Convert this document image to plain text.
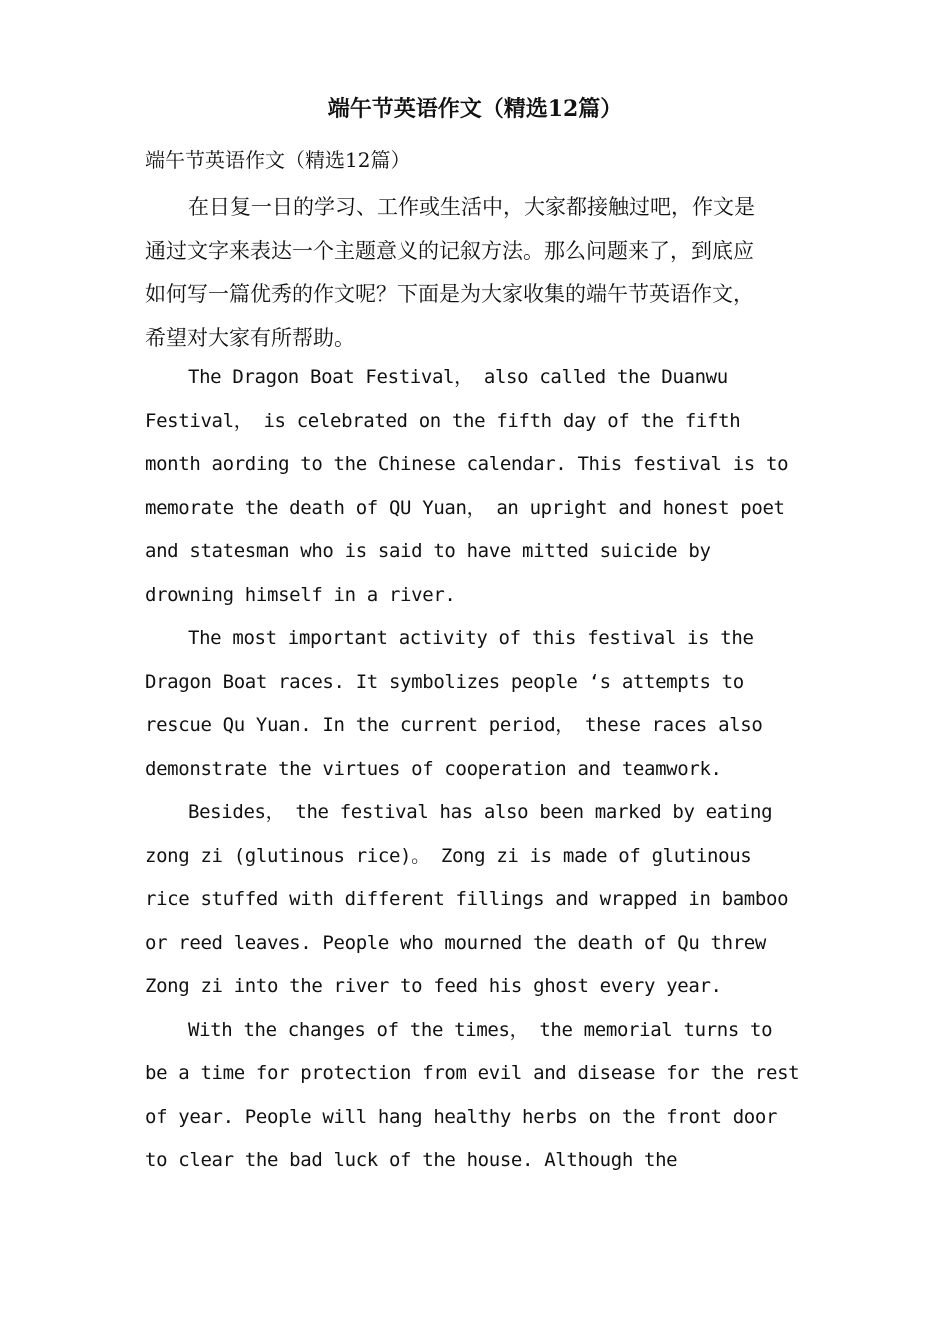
端午节英语作文（精选12篇）

端午节英语作文（精选12篇）

在日复一日的学习、工作或生活中，大家都接触过吧，作文是
通过文字来表达一个主题意义的记叙方法。那么问题来了，到底应
如何写一篇优秀的作文呢？下面是为大家收集的端午节英语作文，
希望对大家有所帮助。
The Dragon Boat Festival， also called the Duanwu
Festival， is celebrated on the fifth day of the fifth
month aording to the Chinese calendar. This festival is to
memorate the death of QU Yuan， an upright and honest poet
and statesman who is said to have mitted suicide by
drowning himself in a river.
The most important activity of this festival is the
Dragon Boat races. It symbolizes people ‘s attempts to
rescue Qu Yuan. In the current period， these races also
demonstrate the virtues of cooperation and teamwork.
Besides， the festival has also been marked by eating
zong zi (glutinous rice)。 Zong zi is made of glutinous
rice stuffed with different fillings and wrapped in bamboo
or reed leaves. People who mourned the death of Qu threw
Zong zi into the river to feed his ghost every year.
With the changes of the times， the memorial turns to
be a time for protection from evil and disease for the rest
of year. People will hang healthy herbs on the front door
to clear the bad luck of the house. Although the
